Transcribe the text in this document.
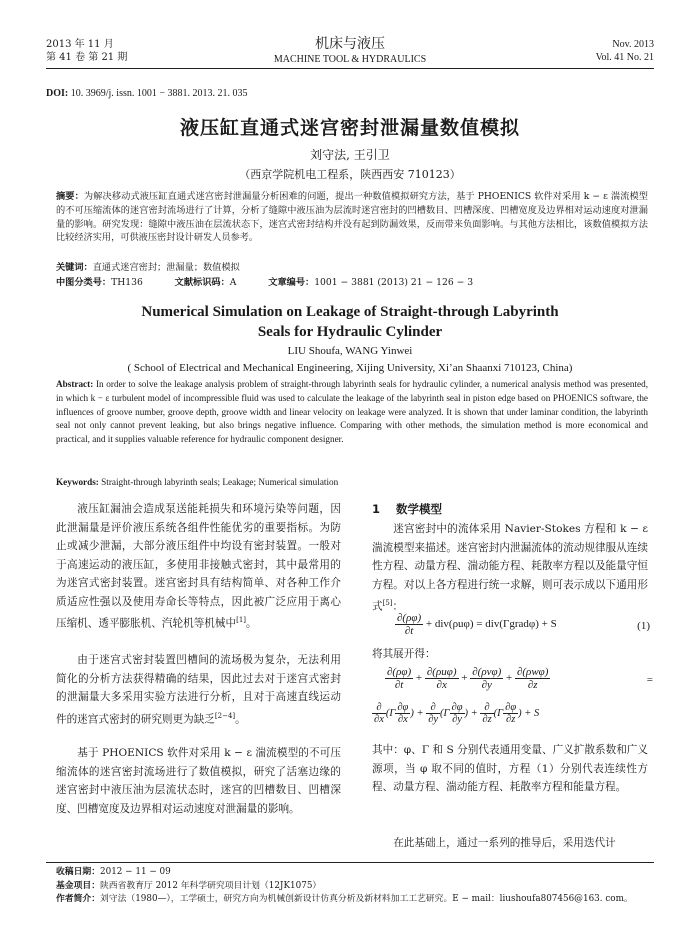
2013 年 11 月
第 41 卷 第 21 期
机床与液压
MACHINE TOOL & HYDRAULICS
Nov. 2013
Vol. 41 No. 21
DOI: 10. 3969/j. issn. 1001 − 3881. 2013. 21. 035
液压缸直通式迷宫密封泄漏量数值模拟
刘守法, 王引卫
（西京学院机电工程系，陕西西安 710123）
摘要：为解决移动式液压缸直通式迷宫密封泄漏量分析困难的问题，提出一种数值模拟研究方法，基于 PHOENICS 软件对采用 k − ε 湍流模型的不可压缩流体的迷宫密封流场进行了计算，分析了缝隙中液压油为层流时迷宫密封的凹槽数目、凹槽深度、凹槽宽度及边界相对运动速度对泄漏量的影响。研究发现：缝隙中液压油在层流状态下，迷宫式密封结构并没有起到防漏效果，反而带来负面影响。与其他方法相比，该数值模拟方法比较经济实用，可供液压密封设计研发人员参考。
关键词：直通式迷宫密封；泄漏量；数值模拟
中图分类号：TH136	文献标识码：A	文章编号：1001 − 3881 (2013) 21 − 126 − 3
Numerical Simulation on Leakage of Straight-through Labyrinth
Seals for Hydraulic Cylinder
LIU Shoufa, WANG Yinwei
( School of Electrical and Mechanical Engineering, Xijing University, Xi’an Shaanxi 710123, China)
Abstract: In order to solve the leakage analysis problem of straight-through labyrinth seals for hydraulic cylinder, a numerical analysis method was presented, in which k − ε turbulent model of incompressible fluid was used to calculate the leakage of the labyrinth seal in piston edge based on PHOENICS software, the influences of groove number, groove depth, groove width and linear velocity on leakage were analyzed. It is shown that under laminar condition, the labyrinth seal not only cannot prevent leaking, but also brings negative influence. Comparing with other methods, the simulation method is more economical and practical, and it supplies valuable reference for hydraulic component designer.
Keywords: Straight-through labyrinth seals; Leakage; Numerical simulation
液压缸漏油会造成泵送能耗损失和环境污染等问题，因此泄漏量是评价液压系统各组件性能优劣的重要指标。为防止或减少泄漏，大部分液压组件中均设有密封装置。一般对于高速运动的液压缸，多使用非接触式密封，其中最常用的为迷宫式密封装置。迷宫密封具有结构简单、对各种工作介质适应性强以及使用寿命长等特点，因此被广泛应用于离心压缩机、透平膨胀机、汽轮机等机械中[1]。
由于迷宫式密封装置凹槽间的流场极为复杂，无法利用简化的分析方法获得精确的结果，因此过去对于迷宫式密封的泄漏量大多采用实验方法进行分析，且对于高速直线运动件的迷宫式密封的研究则更为缺乏[2−4]。
基于 PHOENICS 软件对采用 k − ε 湍流模型的不可压缩流体的迷宫密封流场进行了数值模拟，研究了活塞边缘的迷宫密封中液压油为层流状态时，迷宫的凹槽数目、凹槽深度、凹槽宽度及边界相对运动速度对泄漏量的影响。
1 数学模型
迷宫密封中的流体采用 Navier-Stokes 方程和 k − ε 湍流模型来描述。迷宫密封内泄漏流体的流动规律服从连续性方程、动量方程、湍动能方程、耗散率方程以及能量守恒方程。对以上各方程进行统一求解，则可表示成以下通用形式[5]：
$\frac{\partial(\rho\varphi)}{\partial t} + div(\rho u\varphi)$ = div(Γgradφ) + S	(1)
将其展开得：
$\frac{\partial(\rho\varphi)}{\partial t} + \frac{\text{∂(ρuφ)}}{\partial x} + \frac{\text{∂(ρvφ)}}{\partial y} + \frac{\text{∂(ρwφ)}}{\partial z}$	=
$\frac{\partial}{\partial x} (\Gamma \frac{\partial\varphi}{\partial x}$ ) + $\frac{\partial}{\partial y} (\Gamma \frac{\partial\varphi}{\partial y}$ ) + $\frac{\partial}{\partial z} (\Gamma \frac{\partial\varphi}{\partial z}$ ) + S
其中：φ、Γ 和 S 分别代表通用变量、广义扩散系数和广义源项，当 φ 取不同的值时，方程（1）分别代表连续性方程、动量方程、湍动能方程、耗散率方程和能量方程。
在此基础上，通过一系列的推导后，采用迭代计
收稿日期：2012 − 11 − 09
基金项目：陕西省教育厅 2012 年科学研究项目计划（12JK1075）
作者简介：刘守法（1980—），工学硕士，研究方向为机械创新设计仿真分析及新材料加工工艺研究。E − mail：liushoufa807456@163. com。
